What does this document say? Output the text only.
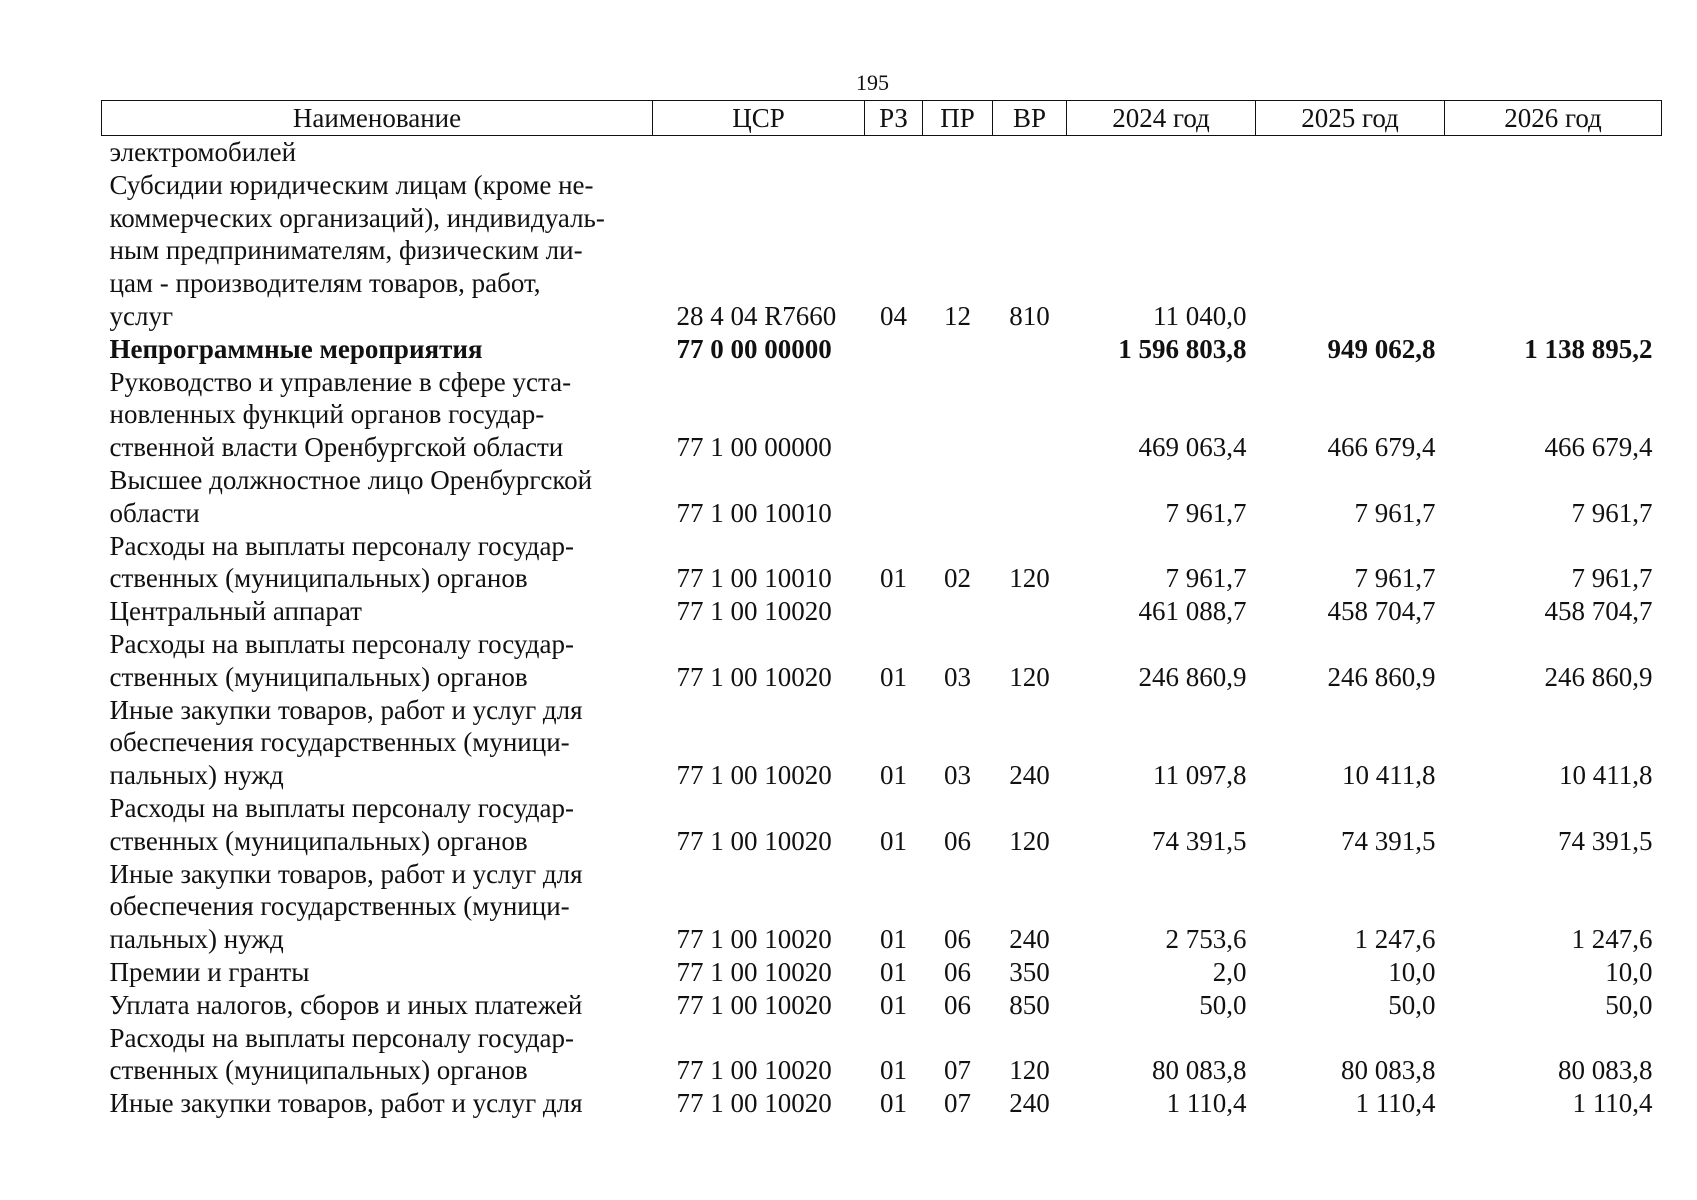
195
Наименование	ЦСР	РЗ	ПР	ВР	2024 год	2025 год	2026 год
электромобилей							
Субсидии юридическим лицам (кроме не-
коммерческих организаций), индивидуаль-
ным предпринимателям, физическим ли-
цам - производителям товаров, работ,
услуг	28 4 04 R7660	04	12	810	11 040,0		
Непрограммные мероприятия	77 0 00 00000				1 596 803,8	949 062,8	1 138 895,2
Руководство и управление в сфере уста-
новленных функций органов государ-
ственной власти Оренбургской области	77 1 00 00000				469 063,4	466 679,4	466 679,4
Высшее должностное лицо Оренбургской
области	77 1 00 10010				7 961,7	7 961,7	7 961,7
Расходы на выплаты персоналу государ-
ственных (муниципальных) органов	77 1 00 10010	01	02	120	7 961,7	7 961,7	7 961,7
Центральный аппарат	77 1 00 10020				461 088,7	458 704,7	458 704,7
Расходы на выплаты персоналу государ-
ственных (муниципальных) органов	77 1 00 10020	01	03	120	246 860,9	246 860,9	246 860,9
Иные закупки товаров, работ и услуг для
обеспечения государственных (муници-
пальных) нужд	77 1 00 10020	01	03	240	11 097,8	10 411,8	10 411,8
Расходы на выплаты персоналу государ-
ственных (муниципальных) органов	77 1 00 10020	01	06	120	74 391,5	74 391,5	74 391,5
Иные закупки товаров, работ и услуг для
обеспечения государственных (муници-
пальных) нужд	77 1 00 10020	01	06	240	2 753,6	1 247,6	1 247,6
Премии и гранты	77 1 00 10020	01	06	350	2,0	10,0	10,0
Уплата налогов, сборов и иных платежей	77 1 00 10020	01	06	850	50,0	50,0	50,0
Расходы на выплаты персоналу государ-
ственных (муниципальных) органов	77 1 00 10020	01	07	120	80 083,8	80 083,8	80 083,8
Иные закупки товаров, работ и услуг для	77 1 00 10020	01	07	240	1 110,4	1 110,4	1 110,4
